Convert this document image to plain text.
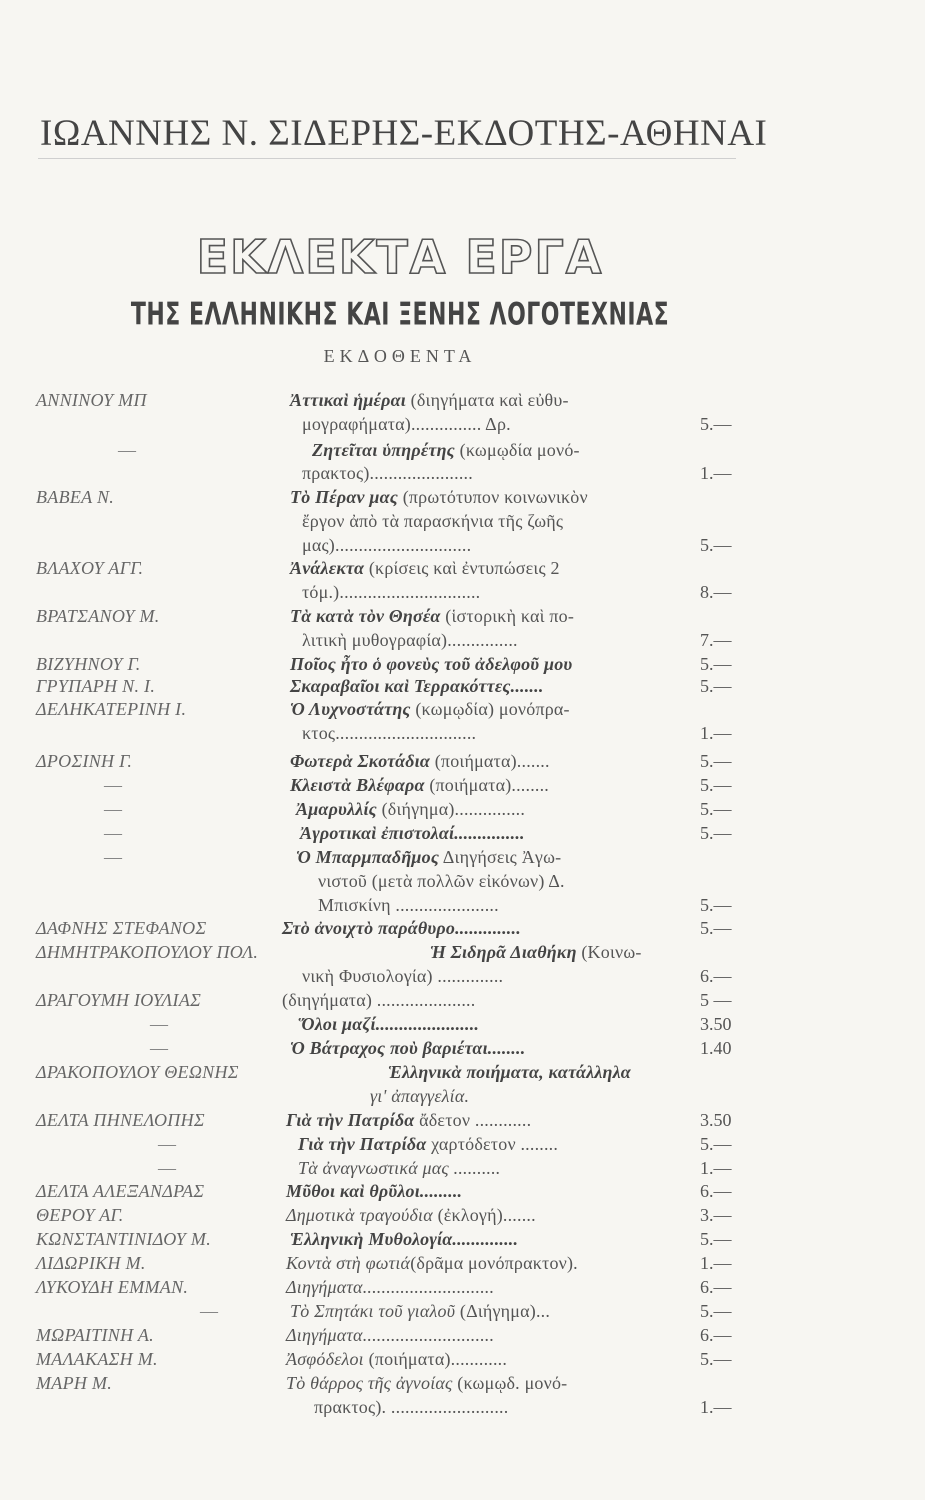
ΙΩΑΝΝΗΣ Ν. ΣΙΔΕΡΗΣ-ΕΚΔΟΤΗΣ-ΑΘΗΝΑΙ
ΕΚΛΕΚΤΑ ΕΡΓΑ
ΤΗΣ ΕΛΛΗΝΙΚΗΣ ΚΑΙ ΞΕΝΗΣ ΛΟΓΟΤΕΧΝΙΑΣ
ΕΚΔΟΘΕΝΤΑ
ΑΝΝΙΝΟΥ ΜΠ	Ἀττικαὶ ἡμέραι (διηγήματα καὶ εὐθυ-
μογραφήματα)............... Δρ.	5.—
—	Ζητεῖται ὑπηρέτης (κωμῳδία μονό-
πρακτος)......................	1.—
ΒΑΒΕΑ Ν.	Τὸ Πέραν μας (πρωτότυπον κοινωνικὸν
ἔργον ἀπὸ τὰ παρασκήνια τῆς ζωῆς
μας).............................	5.—
ΒΛΑΧΟΥ ΑΓΓ.	Ἀνάλεκτα (κρίσεις καὶ ἐντυπώσεις 2
τόμ.)..............................	8.—
ΒΡΑΤΣΑΝΟΥ Μ.	Τὰ κατὰ τὸν Θησέα (ἱστορικὴ καὶ πο-
λιτικὴ μυθογραφία)...............	7.—
ΒΙΖΥΗΝΟΥ Γ.	Ποῖος ἦτο ὁ φονεὺς τοῦ ἀδελφοῦ μου	5.—
ΓΡΥΠΑΡΗ Ν. Ι.	Σκαραβαῖοι καὶ Τερρακόττες.......	5.—
ΔΕΛΗΚΑΤΕΡΙΝΗ Ι.	Ὁ Λυχνοστάτης (κωμῳδία) μονόπρα-
κτος..............................	1.—
ΔΡΟΣΙΝΗ Γ.	Φωτερὰ Σκοτάδια (ποιήματα).......	5.—
—	Κλειστὰ Βλέφαρα (ποιήματα)........	5.—
—	Ἀμαρυλλίς (διήγημα)...............	5.—
—	Ἀγροτικαὶ ἐπιστολαί...............	5.—
—	Ὁ Μπαρμπαδῆμος Διηγήσεις Ἀγω-
νιστοῦ (μετὰ πολλῶν εἰκόνων) Δ.
Μπισκίνη ......................	5.—
ΔΑΦΝΗΣ ΣΤΕΦΑΝΟΣ	Στὸ ἀνοιχτὸ παράθυρο..............	5.—
ΔΗΜΗΤΡΑΚΟΠΟΥΛΟΥ ΠΟΛ.	Ἡ Σιδηρᾶ Διαθήκη (Κοινω-
νικὴ Φυσιολογία) ..............	6.—
ΔΡΑΓΟΥΜΗ ΙΟΥΛΙΑΣ	(διηγήματα) .....................	5 —
—	Ὅλοι μαζί......................	3.50
—	Ὁ Βάτραχος ποὺ βαριέται........	1.40
ΔΡΑΚΟΠΟΥΛΟΥ ΘΕΩΝΗΣ	Ἑλληνικὰ ποιήματα, κατάλληλα
γι' ἀπαγγελία.
ΔΕΛΤΑ ΠΗΝΕΛΟΠΗΣ	Γιὰ τὴν Πατρίδα ἄδετον ............	3.50
—	Γιὰ τὴν Πατρίδα χαρτόδετον ........	5.—
—	Τὰ ἀναγνωστικά μας ..........	1.—
ΔΕΛΤΑ ΑΛΕΞΑΝΔΡΑΣ	Μῦθοι καὶ θρῦλοι.........	6.—
ΘΕΡΟΥ ΑΓ.	Δημοτικὰ τραγούδια (ἐκλογή).......	3.—
ΚΩΝΣΤΑΝΤΙΝΙΔΟΥ Μ.	Ἑλληνικὴ Μυθολογία..............	5.—
ΛΙΔΩΡΙΚΗ Μ.	Κοντὰ στὴ φωτιά(δρᾶμα μονόπρακτον).	1.—
ΛΥΚΟΥΔΗ ΕΜΜΑΝ.	Διηγήματα............................	6.—
—	Τὸ Σπητάκι τοῦ γιαλοῦ (Διήγημα)...	5.—
ΜΩΡΑΙΤΙΝΗ Α.	Διηγήματα............................	6.—
ΜΑΛΑΚΑΣΗ Μ.	Ἀσφόδελοι (ποιήματα)............	5.—
ΜΑΡΗ Μ.	Τὸ θάρρος τῆς ἀγνοίας (κωμῳδ. μονό-
πρακτος). .........................	1.—
